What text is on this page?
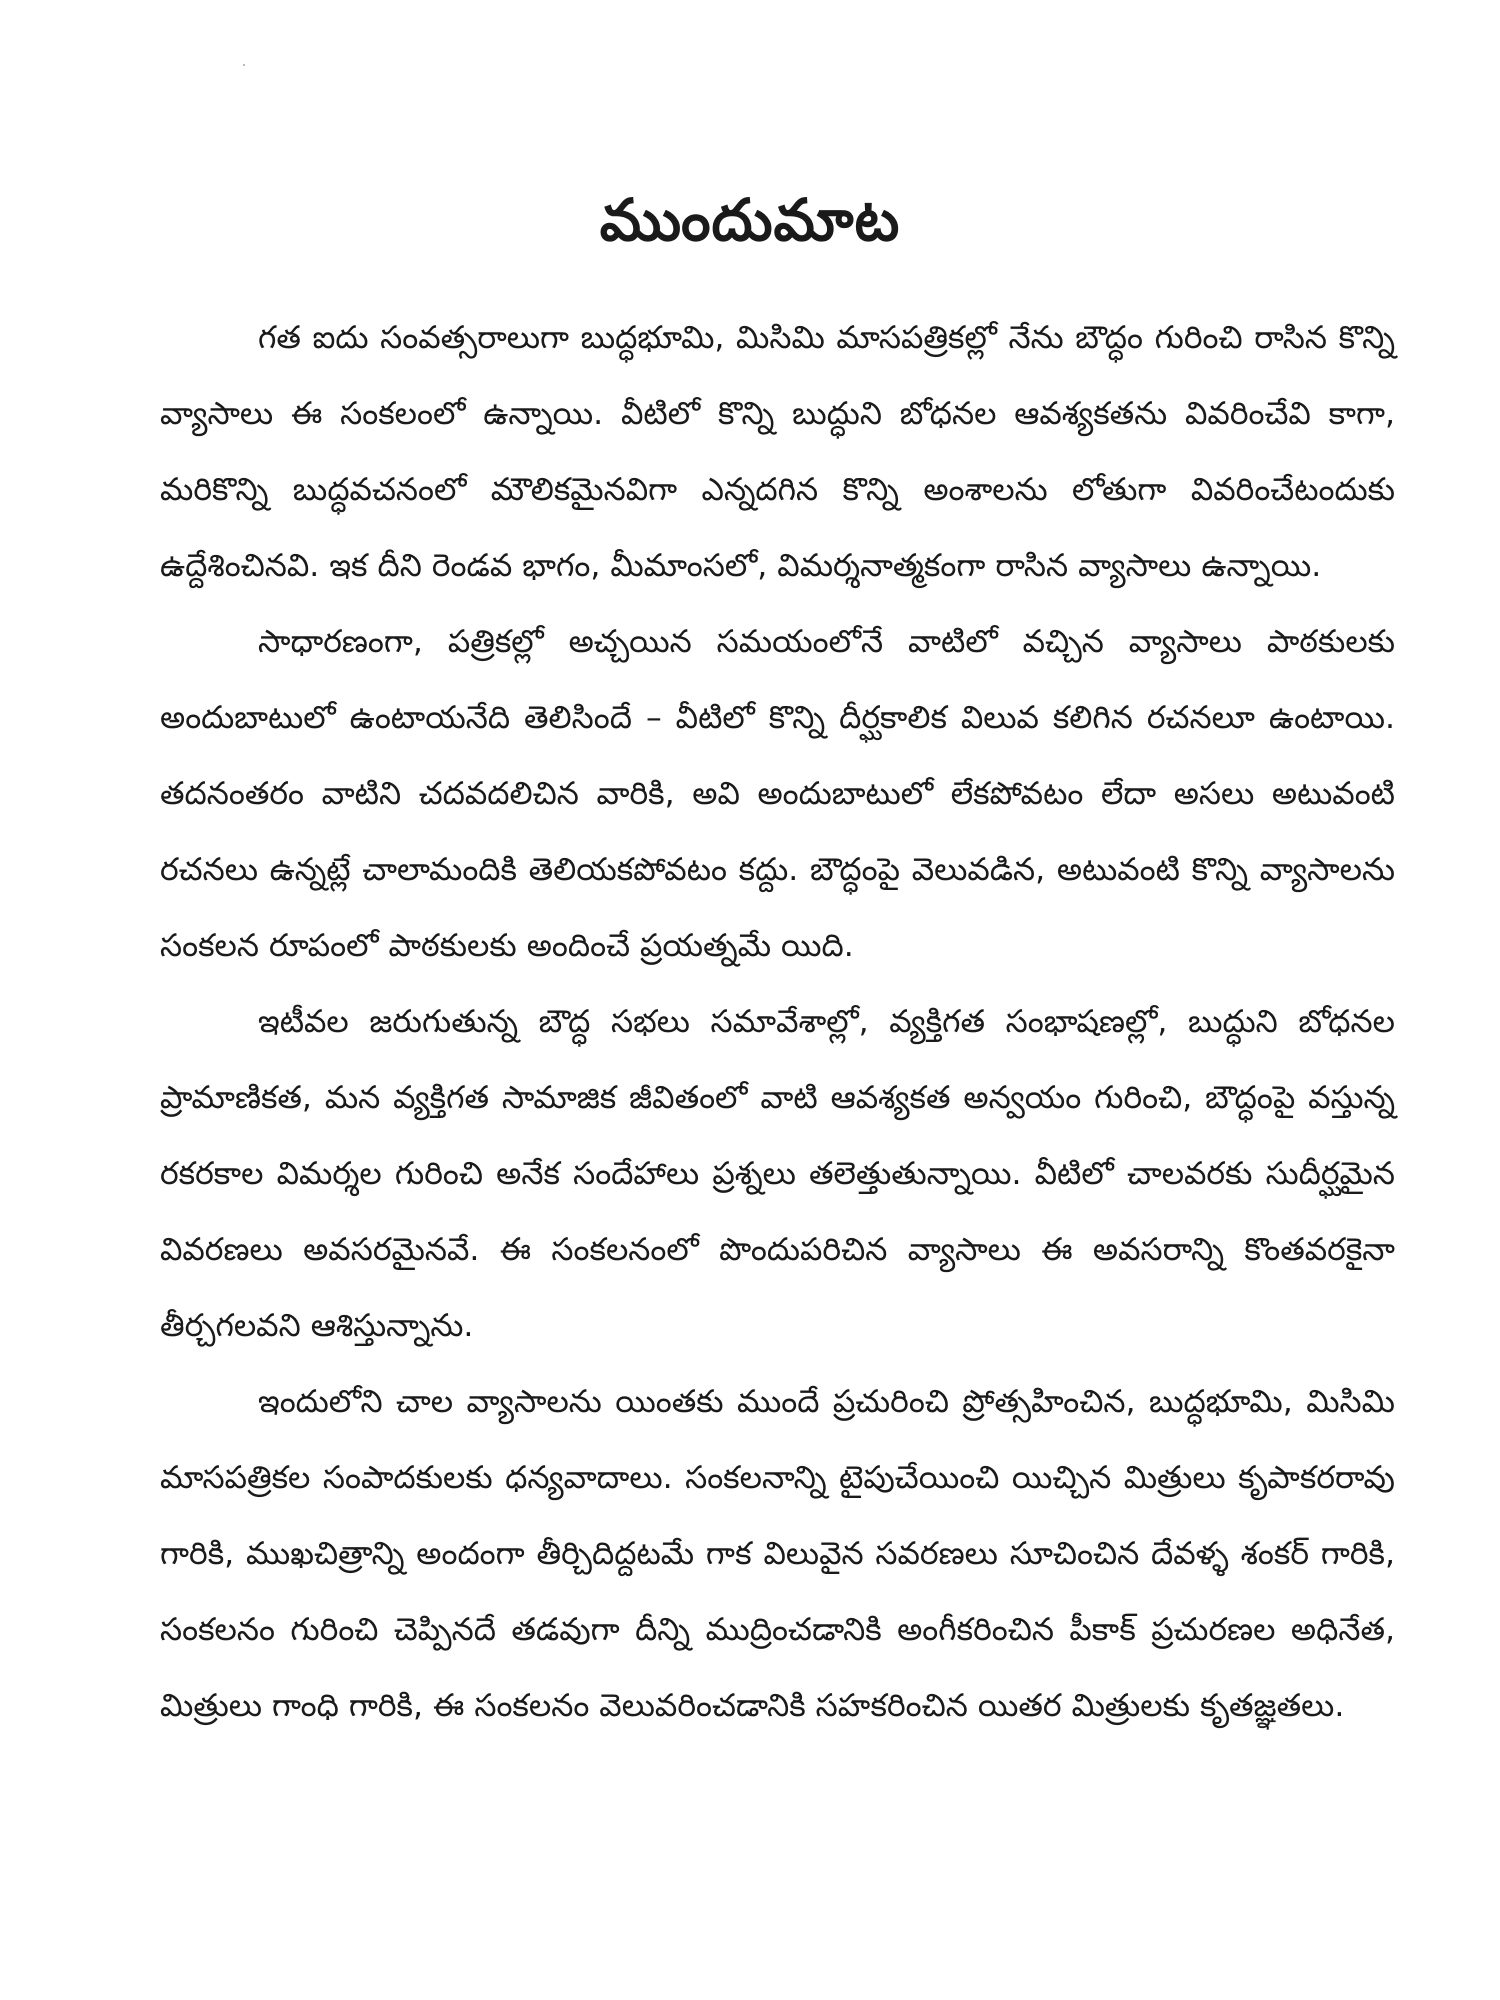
ముందుమాట

గత ఐదు సంవత్సరాలుగా బుద్ధభూమి, మిసిమి మాసపత్రికల్లో నేను బౌద్ధం గురించి రాసిన కొన్ని వ్యాసాలు ఈ సంకలంలో ఉన్నాయి. వీటిలో కొన్ని బుద్ధుని బోధనల ఆవశ్యకతను వివరించేవి కాగా, మరికొన్ని బుద్ధవచనంలో మౌలికమైనవిగా ఎన్నదగిన కొన్ని అంశాలను లోతుగా వివరించేటందుకు ఉద్దేశించినవి. ఇక దీని రెండవ భాగం, మీమాంసలో, విమర్శనాత్మకంగా రాసిన వ్యాసాలు ఉన్నాయి.

సాధారణంగా, పత్రికల్లో అచ్చయిన సమయంలోనే వాటిలో వచ్చిన వ్యాసాలు పాఠకులకు అందుబాటులో ఉంటాయనేది తెలిసిందే – వీటిలో కొన్ని దీర్ఘకాలిక విలువ కలిగిన రచనలూ ఉంటాయి. తదనంతరం వాటిని చదవదలిచిన వారికి, అవి అందుబాటులో లేకపోవటం లేదా అసలు అటువంటి రచనలు ఉన్నట్లే చాలామందికి తెలియకపోవటం కద్దు. బౌద్ధంపై వెలువడిన, అటువంటి కొన్ని వ్యాసాలను సంకలన రూపంలో పాఠకులకు అందించే ప్రయత్నమే యిది.

ఇటీవల జరుగుతున్న బౌద్ధ సభలు సమావేశాల్లో, వ్యక్తిగత సంభాషణల్లో, బుద్ధుని బోధనల ప్రామాణికత, మన వ్యక్తిగత సామాజిక జీవితంలో వాటి ఆవశ్యకత అన్వయం గురించి, బౌద్ధంపై వస్తున్న రకరకాల విమర్శల గురించి అనేక సందేహాలు ప్రశ్నలు తలెత్తుతున్నాయి. వీటిలో చాలవరకు సుదీర్ఘమైన వివరణలు అవసరమైనవే. ఈ సంకలనంలో పొందుపరిచిన వ్యాసాలు ఈ అవసరాన్ని కొంతవరకైనా తీర్చగలవని ఆశిస్తున్నాను.

ఇందులోని చాల వ్యాసాలను యింతకు ముందే ప్రచురించి ప్రోత్సహించిన, బుద్ధభూమి, మిసిమి మాసపత్రికల సంపాదకులకు ధన్యవాదాలు. సంకలనాన్ని టైపుచేయించి యిచ్చిన మిత్రులు కృపాకరరావు గారికి, ముఖచిత్రాన్ని అందంగా తీర్చిదిద్దటమే గాక విలువైన సవరణలు సూచించిన దేవళ్ళ శంకర్ గారికి, సంకలనం గురించి చెప్పినదే తడవుగా దీన్ని ముద్రించడానికి అంగీకరించిన పీకాక్ ప్రచురణల అధినేత, మిత్రులు గాంధి గారికి, ఈ సంకలనం వెలువరించడానికి సహకరించిన యితర మిత్రులకు కృతజ్ఞతలు.
